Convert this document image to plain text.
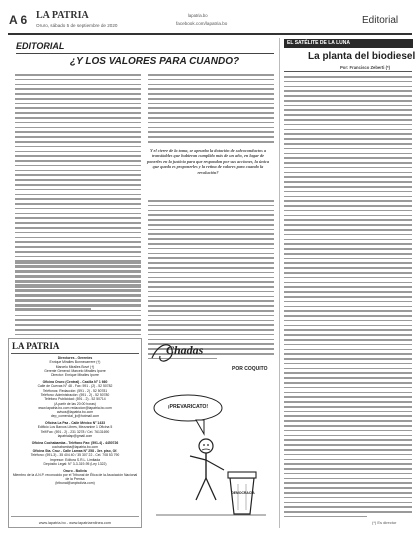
A 6 LA PATRIA
Oruro, sábado 5 de septiembre de 2020
lapatria.bo
facebook.com/lapatria.bo	Editorial
EDITORIAL
¿Y LOS VALORES PARA CUANDO?
Y el cierre de la toma, se aprueba la dotación de salvoconductos a transitables que hubieran cumplido más de un año, en lugar de ponerles en la justicia para que respondan por sus acciones, la única que queda es proponerles y la retina de valores para cuando la revolución?
EL SATÉLITE DE LA LUNA
La planta del biodiesel
Por: Francisco Zeberti (*)
(*) Es director
LA PATRIA
Directores - Gerentes
Enrique Miralles Bonnecarrere (†)
Marcelo Miralles Bové (†)
Gerente General: Marcelo Miralles Iporre
Director: Enrique Miralles Iporre
Oficina Oruro (Central) - Casilla N° 1 660
Calle de Cuevas N° 48 - Fax: 591 - (2) - 52 50782
Teléfonos: Redacción: (591 - 2) - 52 50781
Teléfono: Administración: (591 - 2) - 52 50780
Teléfono Publicidad: (591 - 2) - 52 50714
(A partir de las 20:00 horas)
www.lapatria.bo.com redaccion@lapatria.bo.com
avisos@lapatria.bo.com
dep_comercial_lp@hotmail.com
Oficina La Paz - Calle México N° 1433
Edificio Los Barcos Libres, Mezzanine 1 Oficina 5
Telf/Fax: (591 - 2) - 231 3278 / Cel. 76131690
lapatrialap@gmail.com
Oficina Cochabamba - Teléfono Fax: (591-4) - 4450726
cochabamba@lapatria.bo.com
Oficina Sta. Cruz - Calle Lamas N° 258 - 3er. piso, Of.
Teléfono: (591-3) - 35 404 40 / 35 307 22 - Cel. 708 53 790
Impresor: Editora S.R.L. Limitada
Depósito Legal: N° 3-3-319-95 (Ley 1322)
Oruro - Bolivia
Miembro de la A.N.P. reconocido por el Tribunal de Ética de la Asociación Nacional de la Prensa
(tribunal@anpbolivia.com)
www.lapatria.bo - www.lapatriaenlinea.com
Chadas
POR COQUITO
¡PREVARICATO!
DEMOCRACIA
